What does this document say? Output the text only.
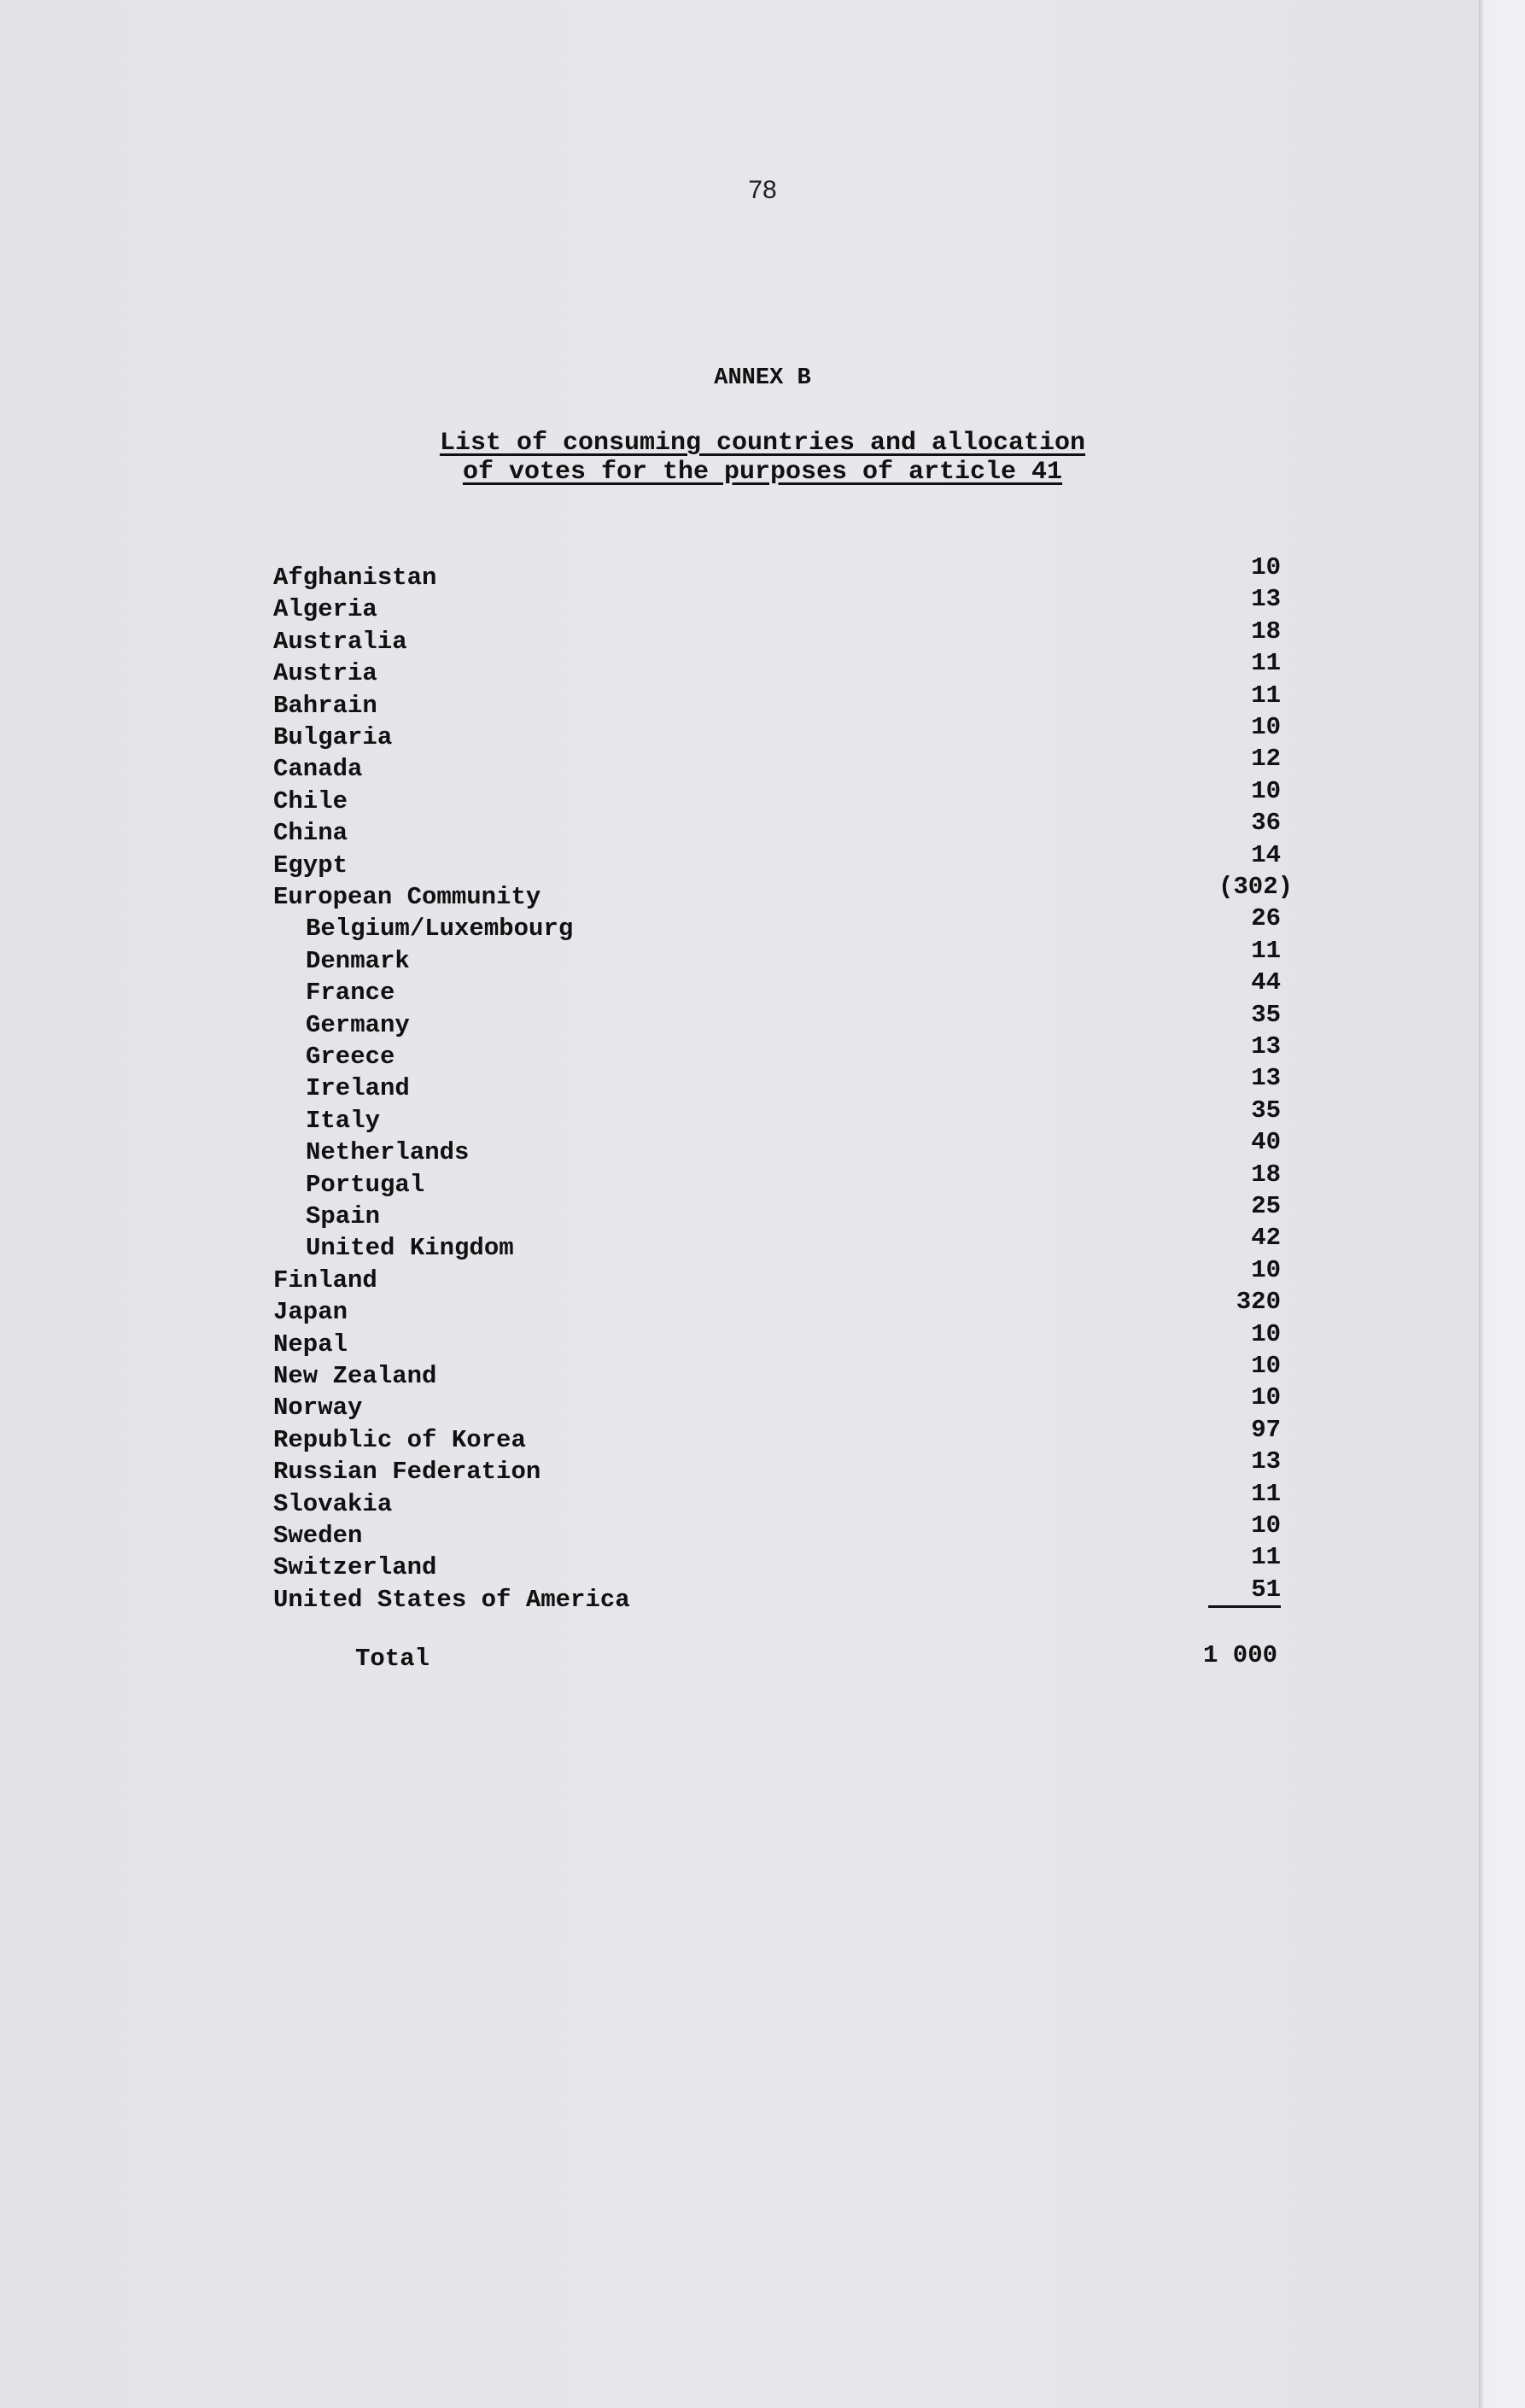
78
ANNEX B
List of consuming countries and allocation
of votes for the purposes of article 41
Afghanistan	10
Algeria	13
Australia	18
Austria	11
Bahrain	11
Bulgaria	10
Canada	12
Chile	10
China	36
Egypt	14
European Community	(302)
Belgium/Luxembourg	26
Denmark	11
France	44
Germany	35
Greece	13
Ireland	13
Italy	35
Netherlands	40
Portugal	18
Spain	25
United Kingdom	42
Finland	10
Japan	320
Nepal	10
New Zealand	10
Norway	10
Republic of Korea	97
Russian Federation	13
Slovakia	11
Sweden	10
Switzerland	11
United States of America	51
Total	1 000
